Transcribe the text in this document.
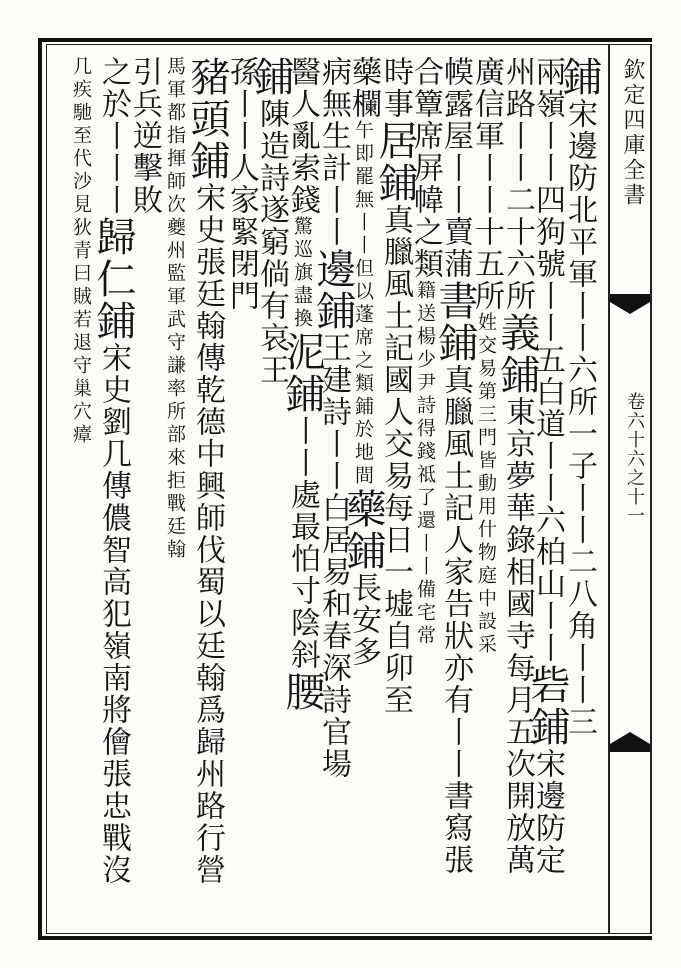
欽定四庫全書
卷六十六之十一
鋪宋邊防北平軍丨丨六所一子丨丨二八角丨丨三
兩嶺丨丨四狗號丨丨五白道丨丨六柏山丨丨砦鋪宋邊防定
州路丨丨二十六所義鋪東京夢華錄相國寺每月五次開放萬
廣信軍丨丨十五所姓交易第三門皆動用什物庭中設采
幙露屋丨丨賣蒲書鋪真臘風土記人家告狀亦有丨丨書寫張
合簟席屏幃之類籍送楊少尹詩得錢祗了還丨丨備宅常
時事居鋪真臘風土記國人交易每日一墟自卯至
藥欄午即罷無丨丨但以蓬席之類鋪於地間藥鋪長安多
病無生計丨丨邊鋪王建詩丨丨白居易和春深詩官場
醫人亂索錢驚巡旗盡換泥鋪丨丨處最怕寸陰斜腰
鋪陳造詩遂窮倘有哀王
孫丨丨人家緊閉門
豬頭鋪宋史張廷翰傳乾德中興師伐蜀以廷翰爲歸州路行營
馬軍都指揮師次夔州監軍武守謙率所部來拒戰廷翰
引兵逆擊敗
之於丨丨丨歸仁鋪宋史劉几傳儂智高犯嶺南將儈張忠戰沒
几疾馳至代沙見狄青曰賊若退守巢穴瘴
